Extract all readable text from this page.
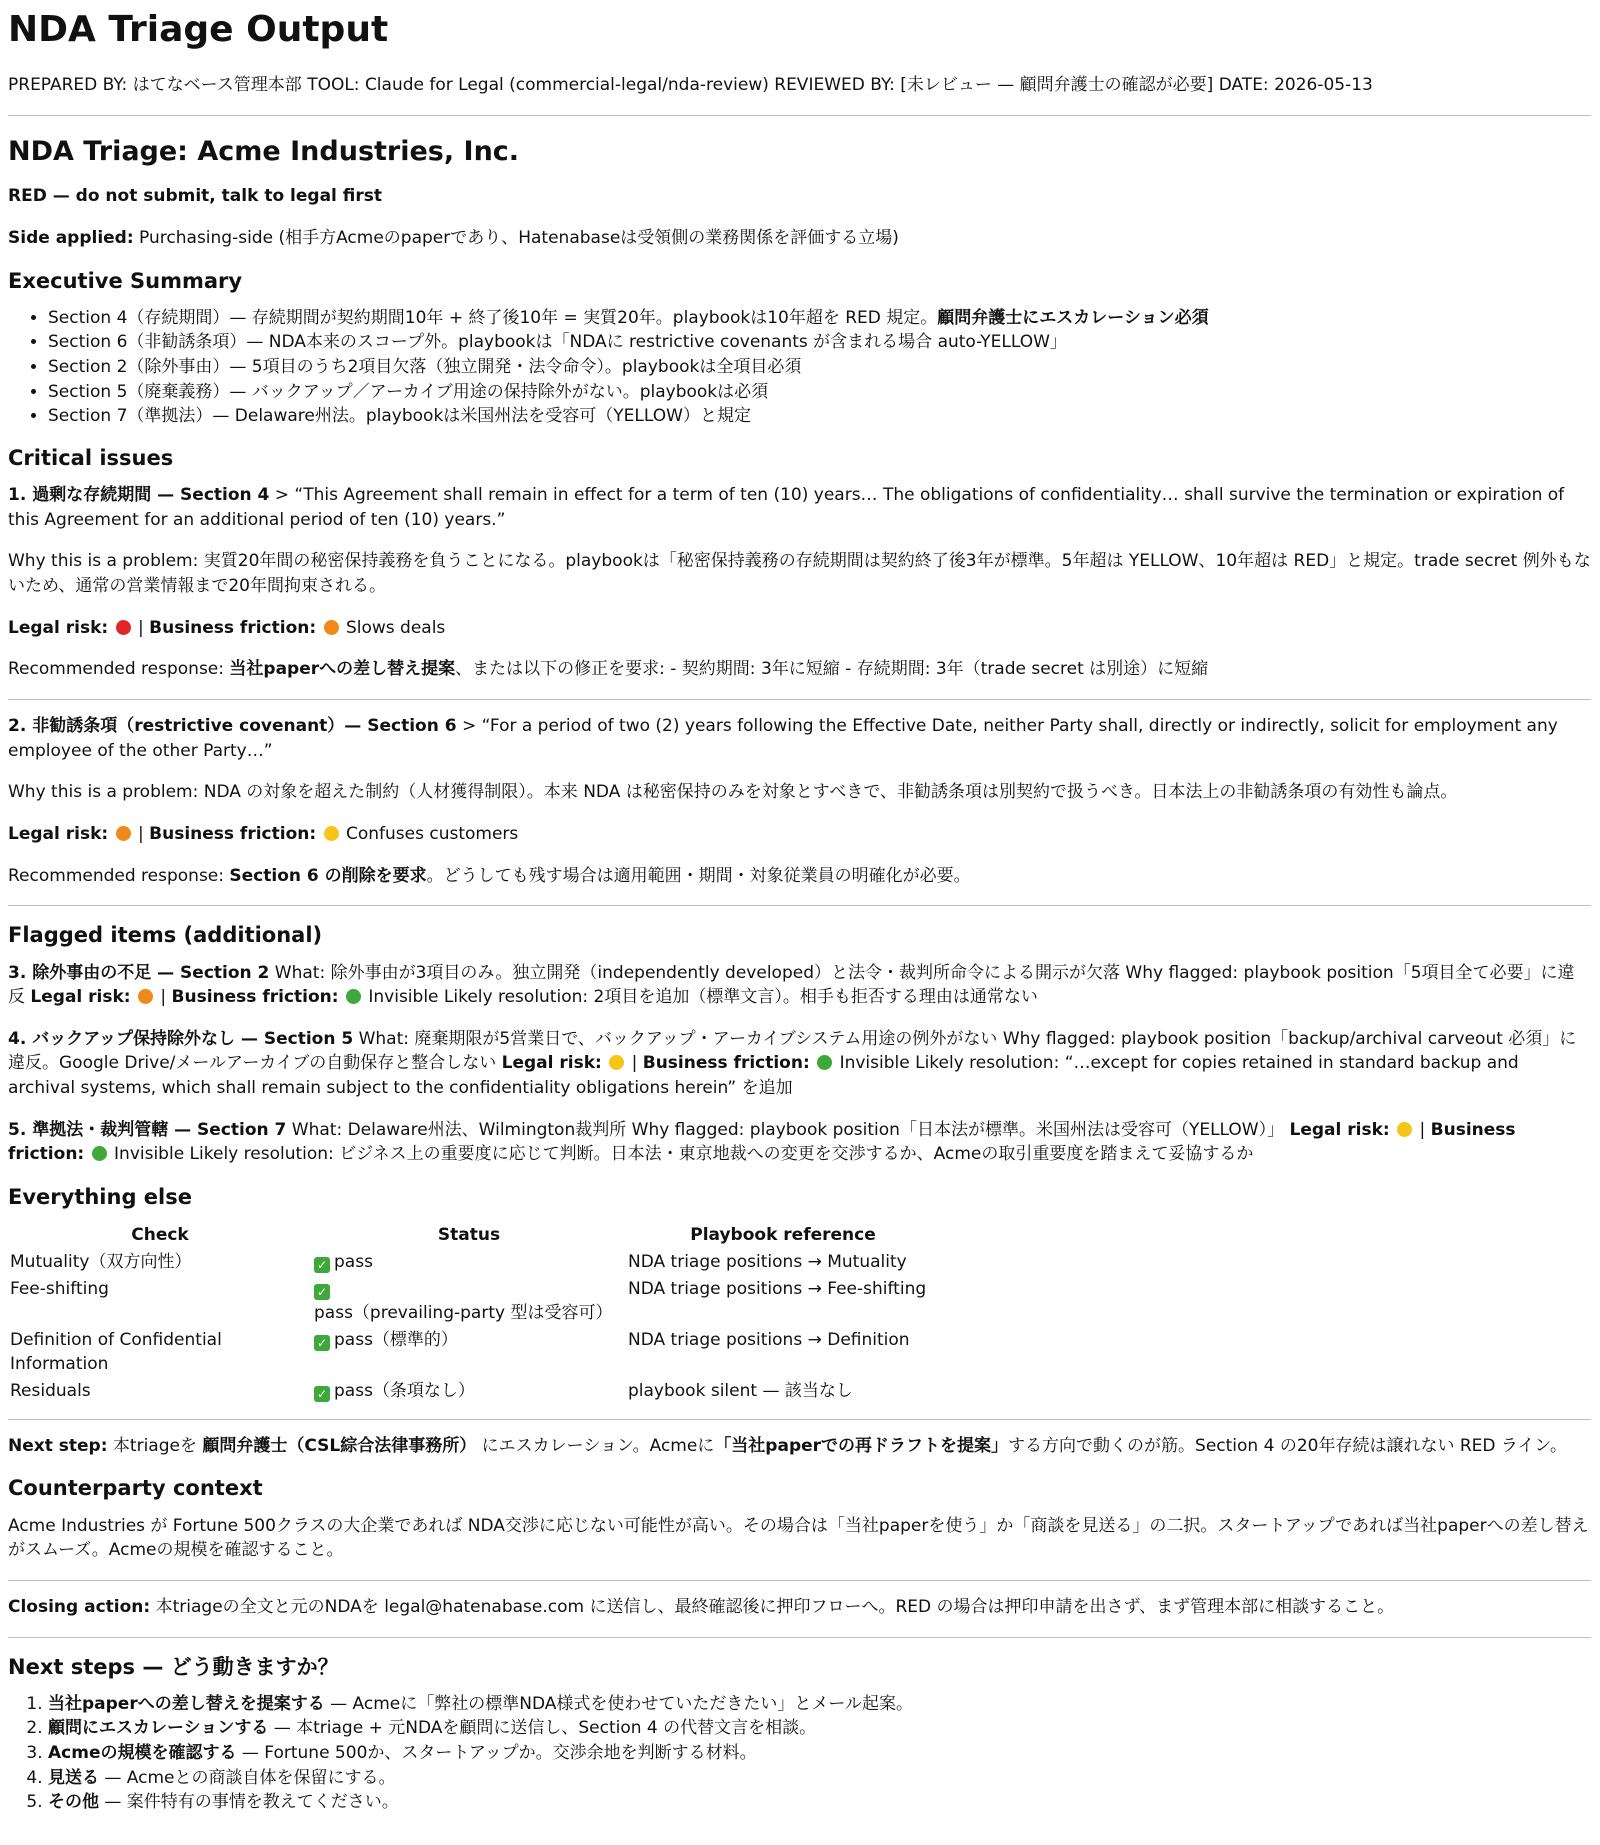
NDA Triage Output

PREPARED BY: はてなベース管理本部 TOOL: Claude for Legal (commercial-legal/nda-review) REVIEWED BY: [未レビュー — 顧問弁護士の確認が必要] DATE: 2026-05-13

NDA Triage: Acme Industries, Inc.

RED — do not submit, talk to legal first

Side applied: Purchasing-side (相手方Acmeのpaperであり、Hatenabaseは受領側の業務関係を評価する立場)

Executive Summary
• Section 4（存続期間）— 存続期間が契約期間10年 + 終了後10年 = 実質20年。playbookは10年超を RED 規定。顧問弁護士にエスカレーション必須
• Section 6（非勧誘条項）— NDA本来のスコープ外。playbookは「NDAに restrictive covenants が含まれる場合 auto-YELLOW」
• Section 2（除外事由）— 5項目のうち2項目欠落（独立開発・法令命令）。playbookは全項目必須
• Section 5（廃棄義務）— バックアップ／アーカイブ用途の保持除外がない。playbookは必須
• Section 7（準拠法）— Delaware州法。playbookは米国州法を受容可（YELLOW）と規定
Critical issues

1. 過剰な存続期間 — Section 4 > “This Agreement shall remain in effect for a term of ten (10) years… The obligations of confidentiality… shall survive the termination or expiration of this Agreement for an additional period of ten (10) years.”

Why this is a problem: 実質20年間の秘密保持義務を負うことになる。playbookは「秘密保持義務の存続期間は契約終了後3年が標準。5年超は YELLOW、10年超は RED」と規定。trade secret 例外もないため、通常の営業情報まで20年間拘束される。

Legal risk:  | Business friction:  Slows deals

Recommended response: 当社paperへの差し替え提案、または以下の修正を要求: - 契約期間: 3年に短縮 - 存続期間: 3年（trade secret は別途）に短縮

2. 非勧誘条項（restrictive covenant）— Section 6 > “For a period of two (2) years following the Effective Date, neither Party shall, directly or indirectly, solicit for employment any employee of the other Party…”

Why this is a problem: NDA の対象を超えた制約（人材獲得制限）。本来 NDA は秘密保持のみを対象とすべきで、非勧誘条項は別契約で扱うべき。日本法上の非勧誘条項の有効性も論点。

Legal risk:  | Business friction:  Confuses customers

Recommended response: Section 6 の削除を要求。どうしても残す場合は適用範囲・期間・対象従業員の明確化が必要。

Flagged items (additional)

3. 除外事由の不足 — Section 2 What: 除外事由が3項目のみ。独立開発（independently developed）と法令・裁判所命令による開示が欠落 Why flagged: playbook position「5項目全て必要」に違反 Legal risk:  | Business friction:  Invisible Likely resolution: 2項目を追加（標準文言）。相手も拒否する理由は通常ない

4. バックアップ保持除外なし — Section 5 What: 廃棄期限が5営業日で、バックアップ・アーカイブシステム用途の例外がない Why flagged: playbook position「backup/archival carveout 必須」に違反。Google Drive/メールアーカイブの自動保存と整合しない Legal risk:  | Business friction:  Invisible Likely resolution: “…except for copies retained in standard backup and archival systems, which shall remain subject to the confidentiality obligations herein” を追加

5. 準拠法・裁判管轄 — Section 7 What: Delaware州法、Wilmington裁判所 Why flagged: playbook position「日本法が標準。米国州法は受容可（YELLOW）」 Legal risk:  | Business friction:  Invisible Likely resolution: ビジネス上の重要度に応じて判断。日本法・東京地裁への変更を交渉するか、Acmeの取引重要度を踏まえて妥協するか

Everything else
Check	Status	Playbook reference
Mutuality（双方向性）	✓ pass	NDA triage positions → Mutuality
Fee-shifting	✓pass（prevailing-party 型は受容可）	NDA triage positions → Fee-shifting
Definition of Confidential Information	✓ pass（標準的）	NDA triage positions → Definition
Residuals	✓ pass（条項なし）	playbook silent — 該当なし

Next step: 本triageを 顧問弁護士（CSL綜合法律事務所） にエスカレーション。Acmeに「当社paperでの再ドラフトを提案」する方向で動くのが筋。Section 4 の20年存続は譲れない RED ライン。

Counterparty context

Acme Industries が Fortune 500クラスの大企業であれば NDA交渉に応じない可能性が高い。その場合は「当社paperを使う」か「商談を見送る」の二択。スタートアップであれば当社paperへの差し替えがスムーズ。Acmeの規模を確認すること。

Closing action: 本triageの全文と元のNDAを legal@hatenabase.com に送信し、最終確認後に押印フローへ。RED の場合は押印申請を出さず、まず管理本部に相談すること。

Next steps — どう動きますか？
1. 当社paperへの差し替えを提案する — Acmeに「弊社の標準NDA様式を使わせていただきたい」とメール起案。
2. 顧問にエスカレーションする — 本triage + 元NDAを顧問に送信し、Section 4 の代替文言を相談。
3. Acmeの規模を確認する — Fortune 500か、スタートアップか。交渉余地を判断する材料。
4. 見送る — Acmeとの商談自体を保留にする。
5. その他 — 案件特有の事情を教えてください。
